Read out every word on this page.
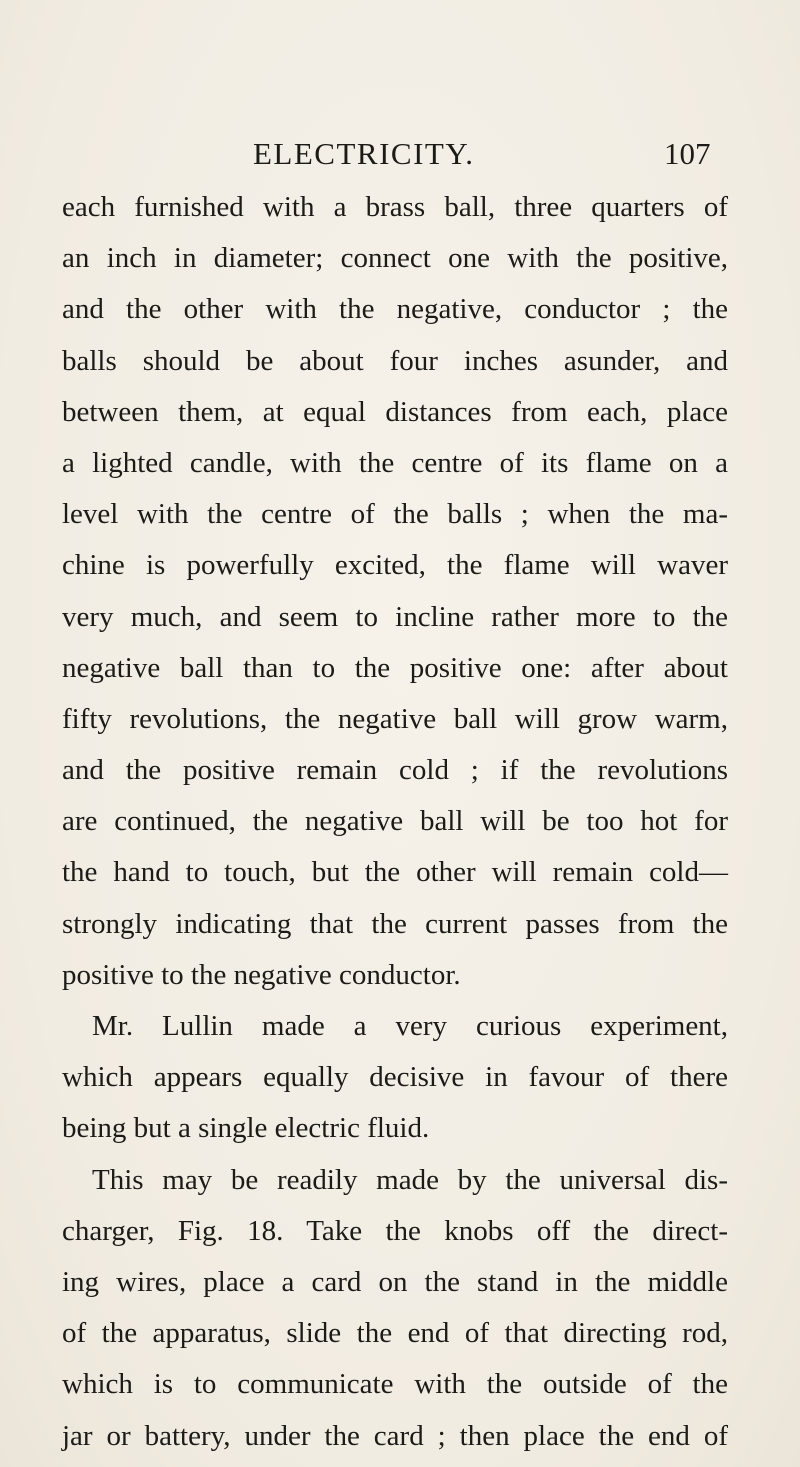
ELECTRICITY.	107
each furnished with a brass ball, three quarters of
an inch in diameter; connect one with the positive,
and the other with the negative, conductor ; the
balls should be about four inches asunder, and
between them, at equal distances from each, place
a lighted candle, with the centre of its flame on a
level with the centre of the balls ; when the ma-
chine is powerfully excited, the flame will waver
very much, and seem to incline rather more to the
negative ball than to the positive one: after about
fifty revolutions, the negative ball will grow warm,
and the positive remain cold ; if the revolutions
are continued, the negative ball will be too hot for
the hand to touch, but the other will remain cold—
strongly indicating that the current passes from the
positive to the negative conductor.
Mr. Lullin made a very curious experiment,
which appears equally decisive in favour of there
being but a single electric fluid.
This may be readily made by the universal dis-
charger, Fig. 18. Take the knobs off the direct-
ing wires, place a card on the stand in the middle
of the apparatus, slide the end of that directing rod,
which is to communicate with the outside of the
jar or battery, under the card ; then place the end of
